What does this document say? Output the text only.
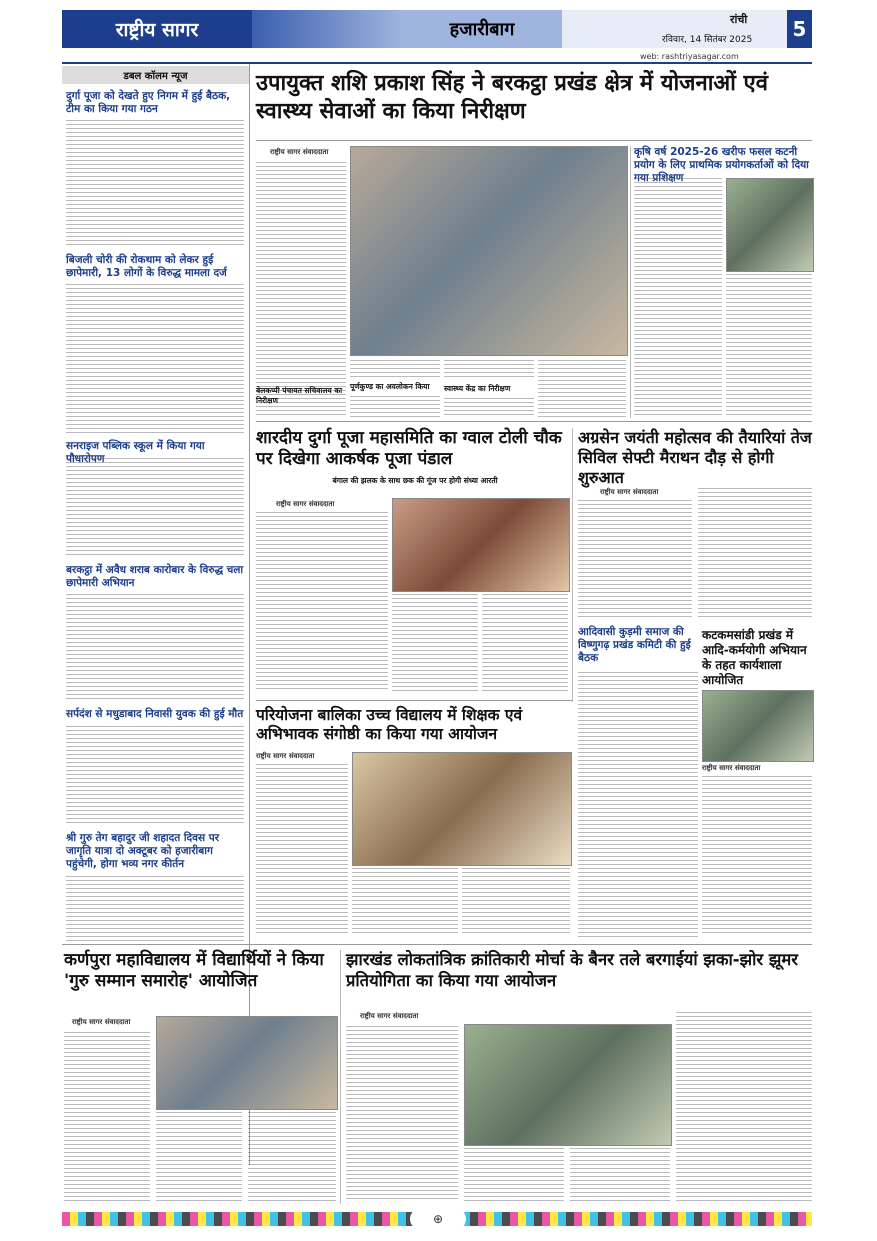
राष्ट्रीय सागर	हजारीबाग	रांची
रविवार, 14 सितंबर 2025 5
web: rashtriyasagar.com
डबल कॉलम न्यूज
दुर्गा पूजा को देखते हुए निगम में हुई बैठक, टीम का किया गया गठन
बिजली चोरी की रोकथाम को लेकर हुई छापेमारी, 13 लोगों के विरुद्ध मामला दर्ज
सनराइज पब्लिक स्कूल में किया गया पौधारोपण
बरकट्ठा में अवैध शराब कारोबार के विरुद्ध चला छापेमारी अभियान
सर्पदंश से मधुडाबाद निवासी युवक की हुई मौत
श्री गुरु तेग बहादुर जी शहादत दिवस पर जागृति यात्रा दो अक्टूबर को हजारीबाग पहुंचेगी, होगा भव्य नगर कीर्तन
उपायुक्त शशि प्रकाश सिंह ने बरकट्ठा प्रखंड क्षेत्र में योजनाओं एवं स्वास्थ्य सेवाओं का किया निरीक्षण
राष्ट्रीय सागर संवाददाता
पूर्णकुण्ड का अवलोकन किया	स्वास्थ्य केंद्र का निरीक्षण
बेलकप्पी पंचायत सचिवालय का निरीक्षण
कृषि वर्ष 2025-26 खरीफ फसल कटनी प्रयोग के लिए प्राथमिक प्रयोगकर्ताओं को दिया गया प्रशिक्षण
शारदीय दुर्गा पूजा महासमिति का ग्वाल टोली चौक पर दिखेगा आकर्षक पूजा पंडाल
बंगाल की झलक के साथ छक की गूंज पर होगी संध्या आरती
राष्ट्रीय सागर संवाददाता
अग्रसेन जयंती महोत्सव की तैयारियां तेज सिविल सेफ्टी मैराथन दौड़ से होगी शुरुआत
राष्ट्रीय सागर संवाददाता
आदिवासी कुड़मी समाज की विष्णुगढ़ प्रखंड कमिटी की हुई बैठक
कटकमसांडी प्रखंड में आदि-कर्मयोगी अभियान के तहत कार्यशाला आयोजित
राष्ट्रीय सागर संवाददाता
परियोजना बालिका उच्च विद्यालय में शिक्षक एवं अभिभावक संगोष्ठी का किया गया आयोजन
राष्ट्रीय सागर संवाददाता
कर्णपुरा महाविद्यालय में विद्यार्थियों ने किया 'गुरु सम्मान समारोह' आयोजित
राष्ट्रीय सागर संवाददाता
झारखंड लोकतांत्रिक क्रांतिकारी मोर्चा के बैनर तले बरगाईयां झका-झोर झूमर प्रतियोगिता का किया गया आयोजन
राष्ट्रीय सागर संवाददाता
⊕
